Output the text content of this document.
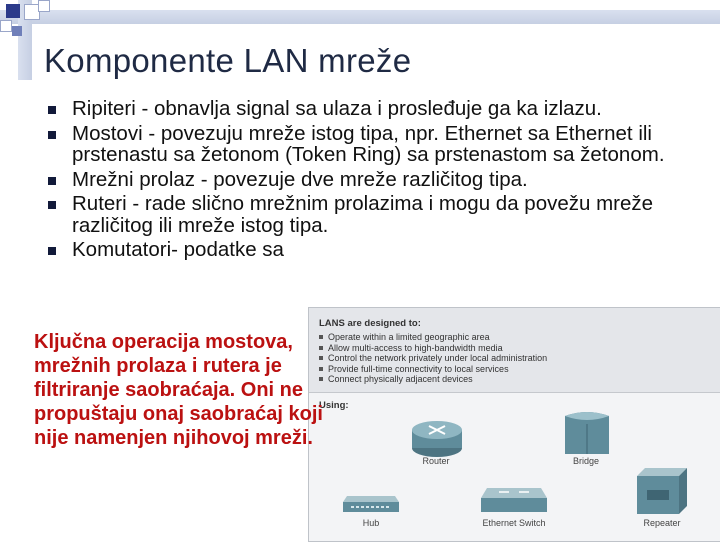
Komponente LAN mreže
Ripiteri - obnavlja signal sa ulaza i prosleđuje ga ka izlazu.
Mostovi - povezuju mreže istog tipa, npr. Ethernet sa Ethernet ili prstenastu sa žetonom (Token Ring) sa prstenastom sa žetonom.
Mrežni prolaz - povezuje dve mreže različitog tipa.
Ruteri - rade slično mrežnim prolazima i mogu da povežu mreže različitog ili mreže istog tipa.
Komutatori- podatke sa
Ključna operacija mostova, mrežnih prolaza i rutera je filtriranje saobraćaja. Oni ne propuštaju onaj saobraćaj koji nije namenjen njihovoj mreži.
LANS are designed to:
Operate within a limited geographic area
Allow multi-access to high-bandwidth media
Control the network privately under local administration
Provide full-time connectivity to local services
Connect physically adjacent devices
Using:
Router	Bridge
Hub	Ethernet Switch	Repeater
